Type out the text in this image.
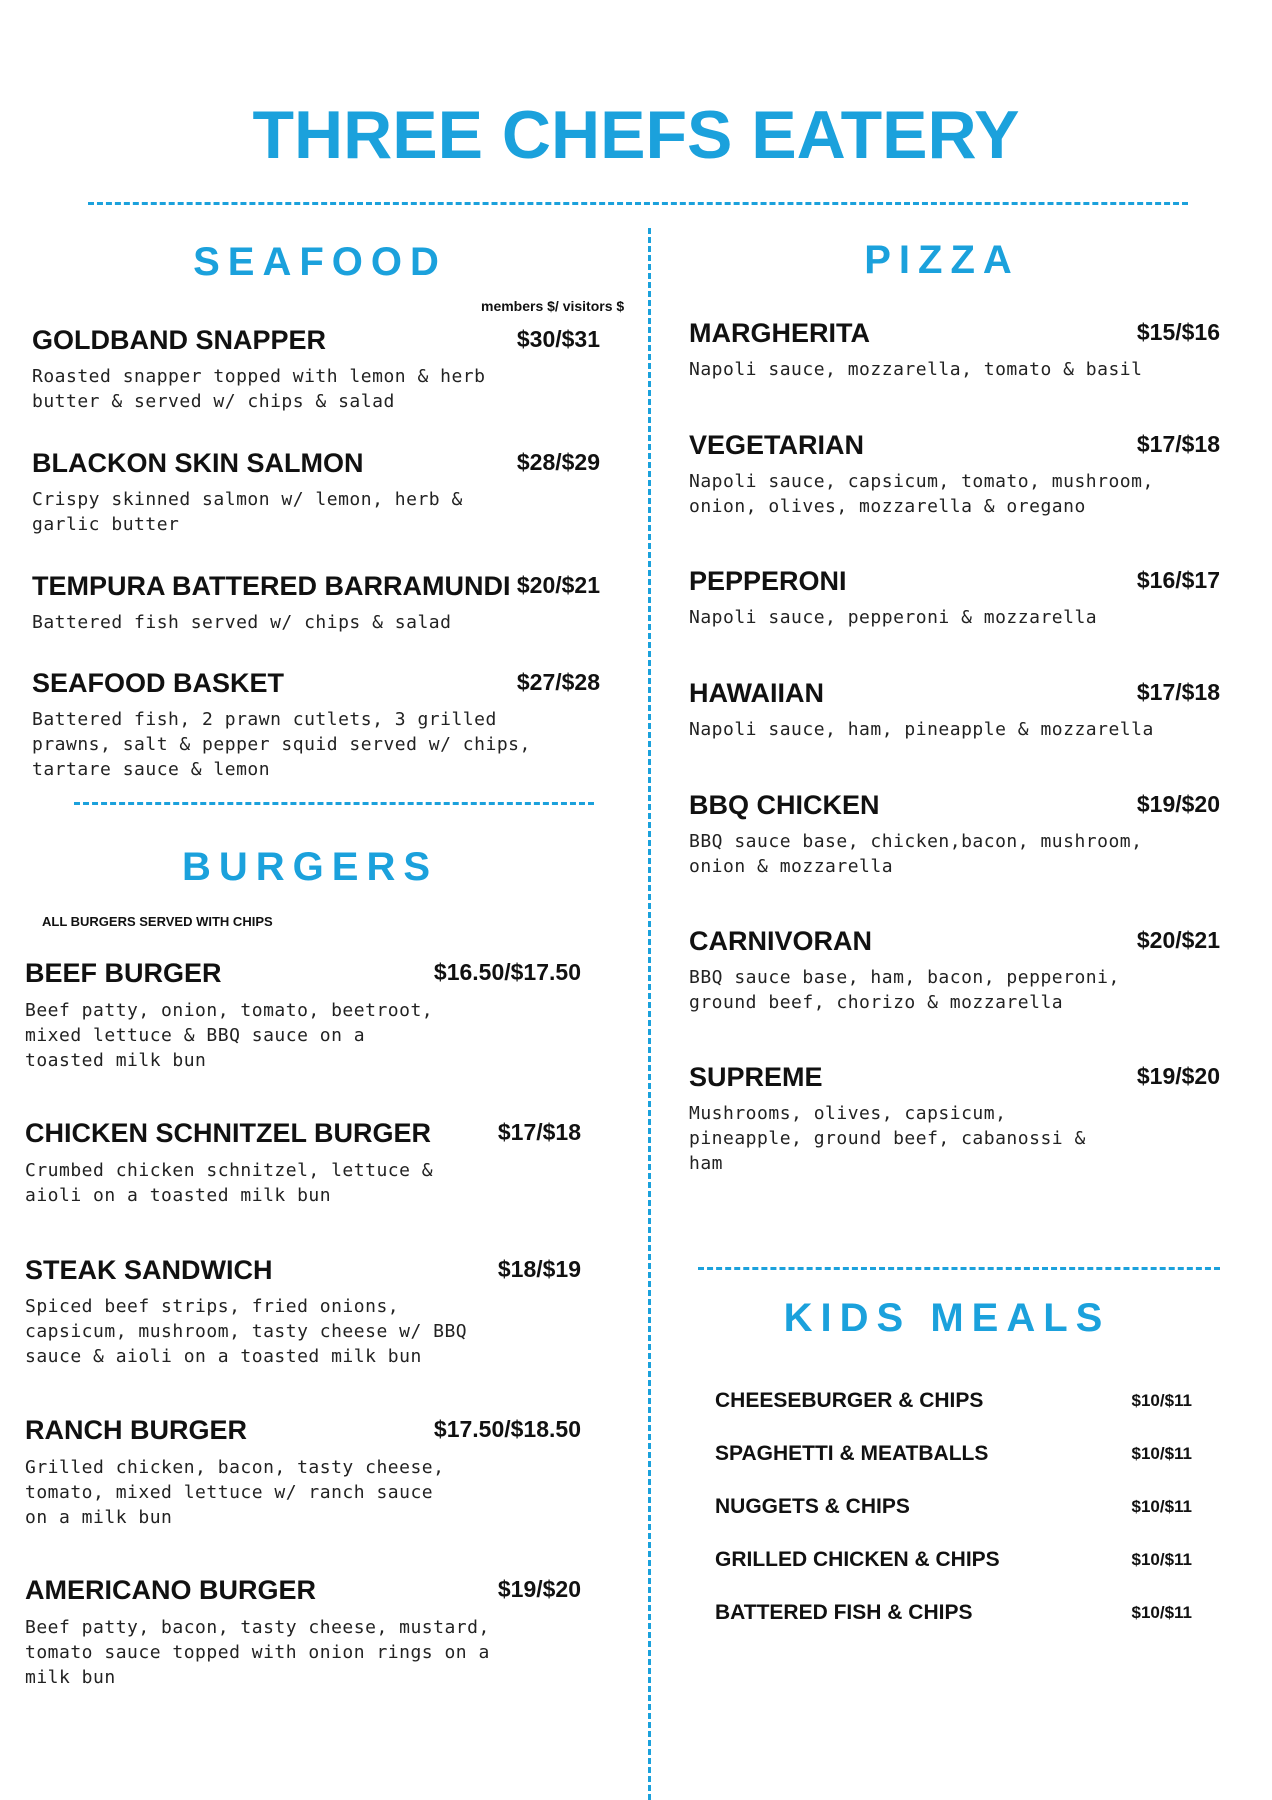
THREE CHEFS EATERY
SEAFOOD
members $/ visitors $
GOLDBAND SNAPPER	$30/$31
Roasted snapper topped with lemon & herb butter & served w/ chips & salad
BLACKON SKIN SALMON	$28/$29
Crispy skinned salmon w/ lemon, herb & garlic butter
TEMPURA BATTERED BARRAMUNDI $20/$21
Battered fish served w/ chips & salad
SEAFOOD BASKET	$27/$28
Battered fish, 2 prawn cutlets, 3 grilled prawns, salt & pepper squid served w/ chips, tartare sauce & lemon
BURGERS
ALL BURGERS SERVED WITH CHIPS
BEEF BURGER	$16.50/$17.50
Beef patty, onion, tomato, beetroot, mixed lettuce & BBQ sauce on a toasted milk bun
CHICKEN SCHNITZEL BURGER	$17/$18
Crumbed chicken schnitzel, lettuce & aioli on a toasted milk bun
STEAK SANDWICH	$18/$19
Spiced beef strips, fried onions, capsicum, mushroom, tasty cheese w/ BBQ sauce & aioli on a toasted milk bun
RANCH BURGER	$17.50/$18.50
Grilled chicken, bacon, tasty cheese, tomato, mixed lettuce w/ ranch sauce on a milk bun
AMERICANO BURGER	$19/$20
Beef patty, bacon, tasty cheese, mustard, tomato sauce topped with onion rings on a milk bun
PIZZA
MARGHERITA	$15/$16
Napoli sauce, mozzarella, tomato & basil
VEGETARIAN	$17/$18
Napoli sauce, capsicum, tomato, mushroom, onion, olives, mozzarella & oregano
PEPPERONI	$16/$17
Napoli sauce, pepperoni & mozzarella
HAWAIIAN	$17/$18
Napoli sauce, ham, pineapple & mozzarella
BBQ CHICKEN	$19/$20
BBQ sauce base, chicken,bacon, mushroom, onion & mozzarella
CARNIVORAN	$20/$21
BBQ sauce base, ham, bacon, pepperoni, ground beef, chorizo & mozzarella
SUPREME	$19/$20
Mushrooms, olives, capsicum, pineapple, ground beef, cabanossi & ham
KIDS MEALS
CHEESEBURGER & CHIPS	$10/$11
SPAGHETTI & MEATBALLS	$10/$11
NUGGETS & CHIPS	$10/$11
GRILLED CHICKEN & CHIPS	$10/$11
BATTERED FISH & CHIPS	$10/$11
